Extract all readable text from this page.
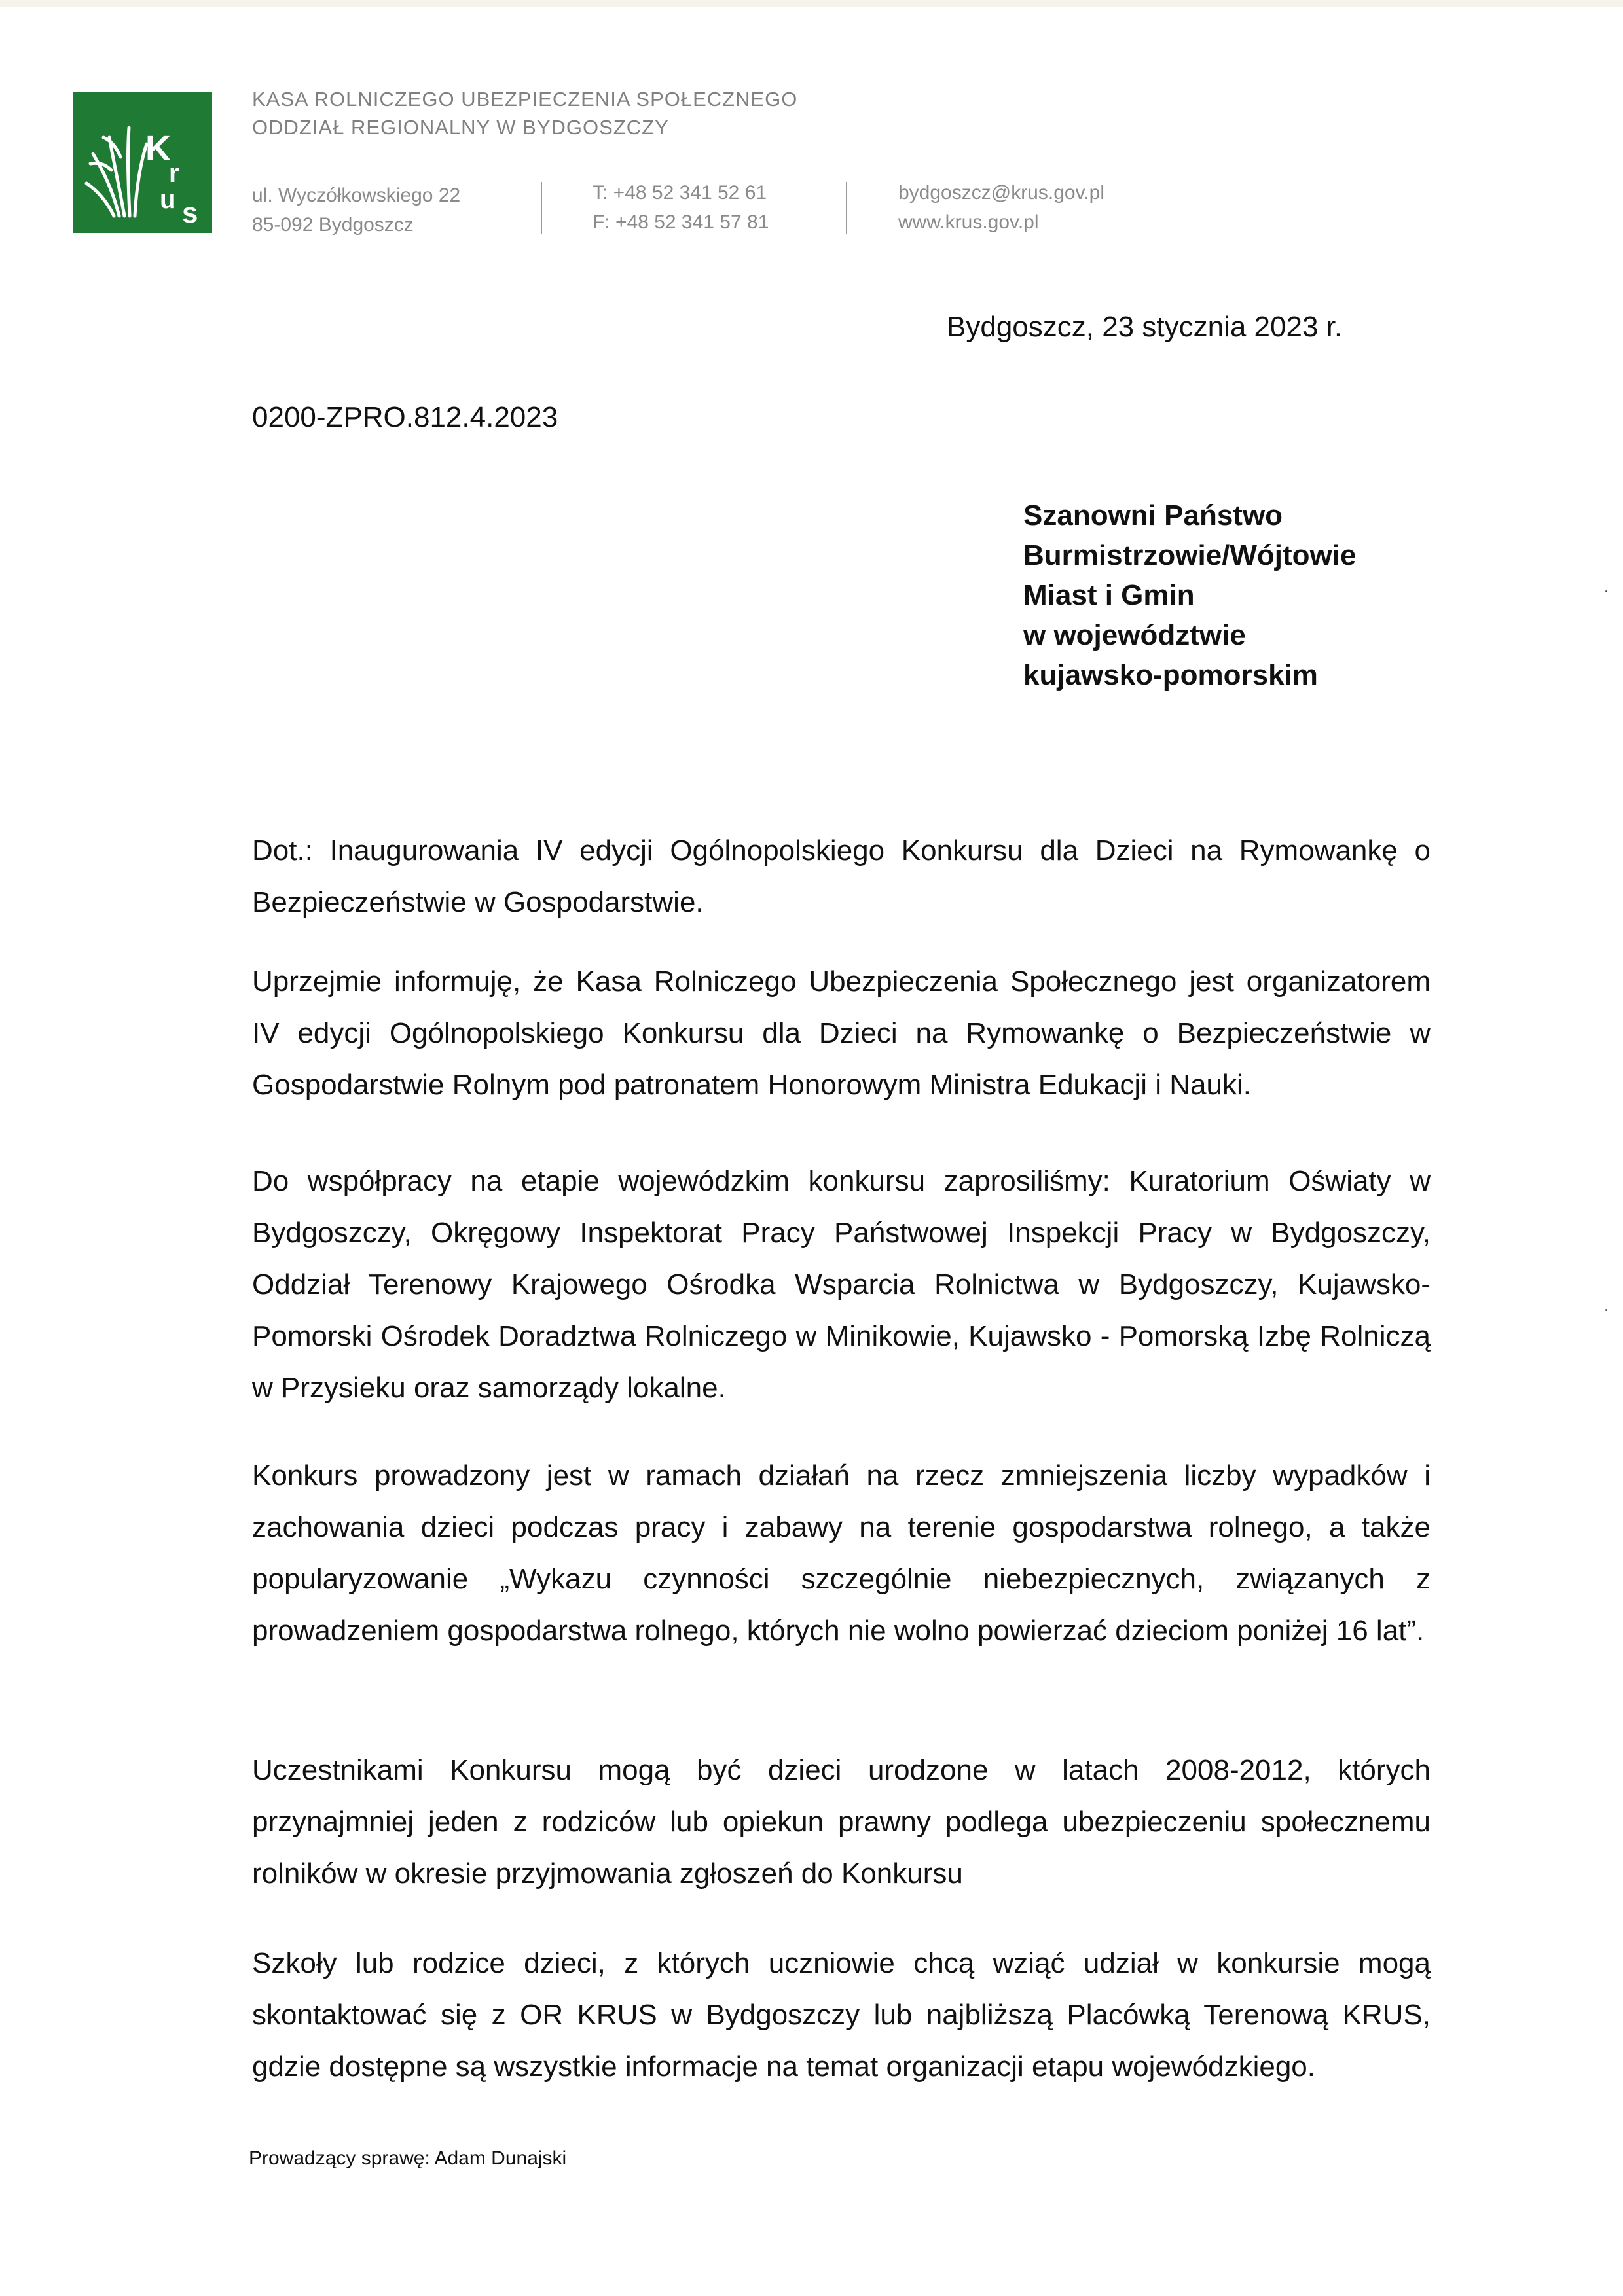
K
r
u s
KASA ROLNICZEGO UBEZPIECZENIA SPOŁECZNEGO
ODDZIAŁ REGIONALNY W BYDGOSZCZY
ul. Wyczółkowskiego 22
85-092 Bydgoszcz
T: +48 52 341 52 61
F: +48 52 341 57 81
bydgoszcz@krus.gov.pl
www.krus.gov.pl
Bydgoszcz, 23 stycznia 2023 r.
0200-ZPRO.812.4.2023
Szanowni Państwo
Burmistrzowie/Wójtowie
Miast i Gmin
w województwie
kujawsko-pomorskim
Dot.: Inaugurowania IV edycji Ogólnopolskiego Konkursu dla Dzieci na Rymowankę o Bezpieczeństwie w Gospodarstwie.
Uprzejmie informuję, że Kasa Rolniczego Ubezpieczenia Społecznego jest organizatorem IV edycji Ogólnopolskiego Konkursu dla Dzieci na Rymowankę o Bezpieczeństwie w Gospodarstwie Rolnym pod patronatem Honorowym Ministra Edukacji i Nauki.
Do współpracy na etapie wojewódzkim konkursu zaprosiliśmy: Kuratorium Oświaty w Bydgoszczy, Okręgowy Inspektorat Pracy Państwowej Inspekcji Pracy w Bydgoszczy, Oddział Terenowy Krajowego Ośrodka Wsparcia Rolnictwa w Bydgoszczy, Kujawsko-Pomorski Ośrodek Doradztwa Rolniczego w Minikowie, Kujawsko - Pomorską Izbę Rolniczą w Przysieku oraz samorządy lokalne.
Konkurs prowadzony jest w ramach działań na rzecz zmniejszenia liczby wypadków i zachowania dzieci podczas pracy i zabawy na terenie gospodarstwa rolnego, a także popularyzowanie „Wykazu czynności szczególnie niebezpiecznych, związanych z prowadzeniem gospodarstwa rolnego, których nie wolno powierzać dzieciom poniżej 16 lat”.
Uczestnikami Konkursu mogą być dzieci urodzone w latach 2008-2012, których przynajmniej jeden z rodziców lub opiekun prawny podlega ubezpieczeniu społecznemu rolników w okresie przyjmowania zgłoszeń do Konkursu
Szkoły lub rodzice dzieci, z których uczniowie chcą wziąć udział w konkursie mogą skontaktować się z OR KRUS w Bydgoszczy lub najbliższą Placówką Terenową KRUS, gdzie dostępne są wszystkie informacje na temat organizacji etapu wojewódzkiego.
Prowadzący sprawę: Adam Dunajski
